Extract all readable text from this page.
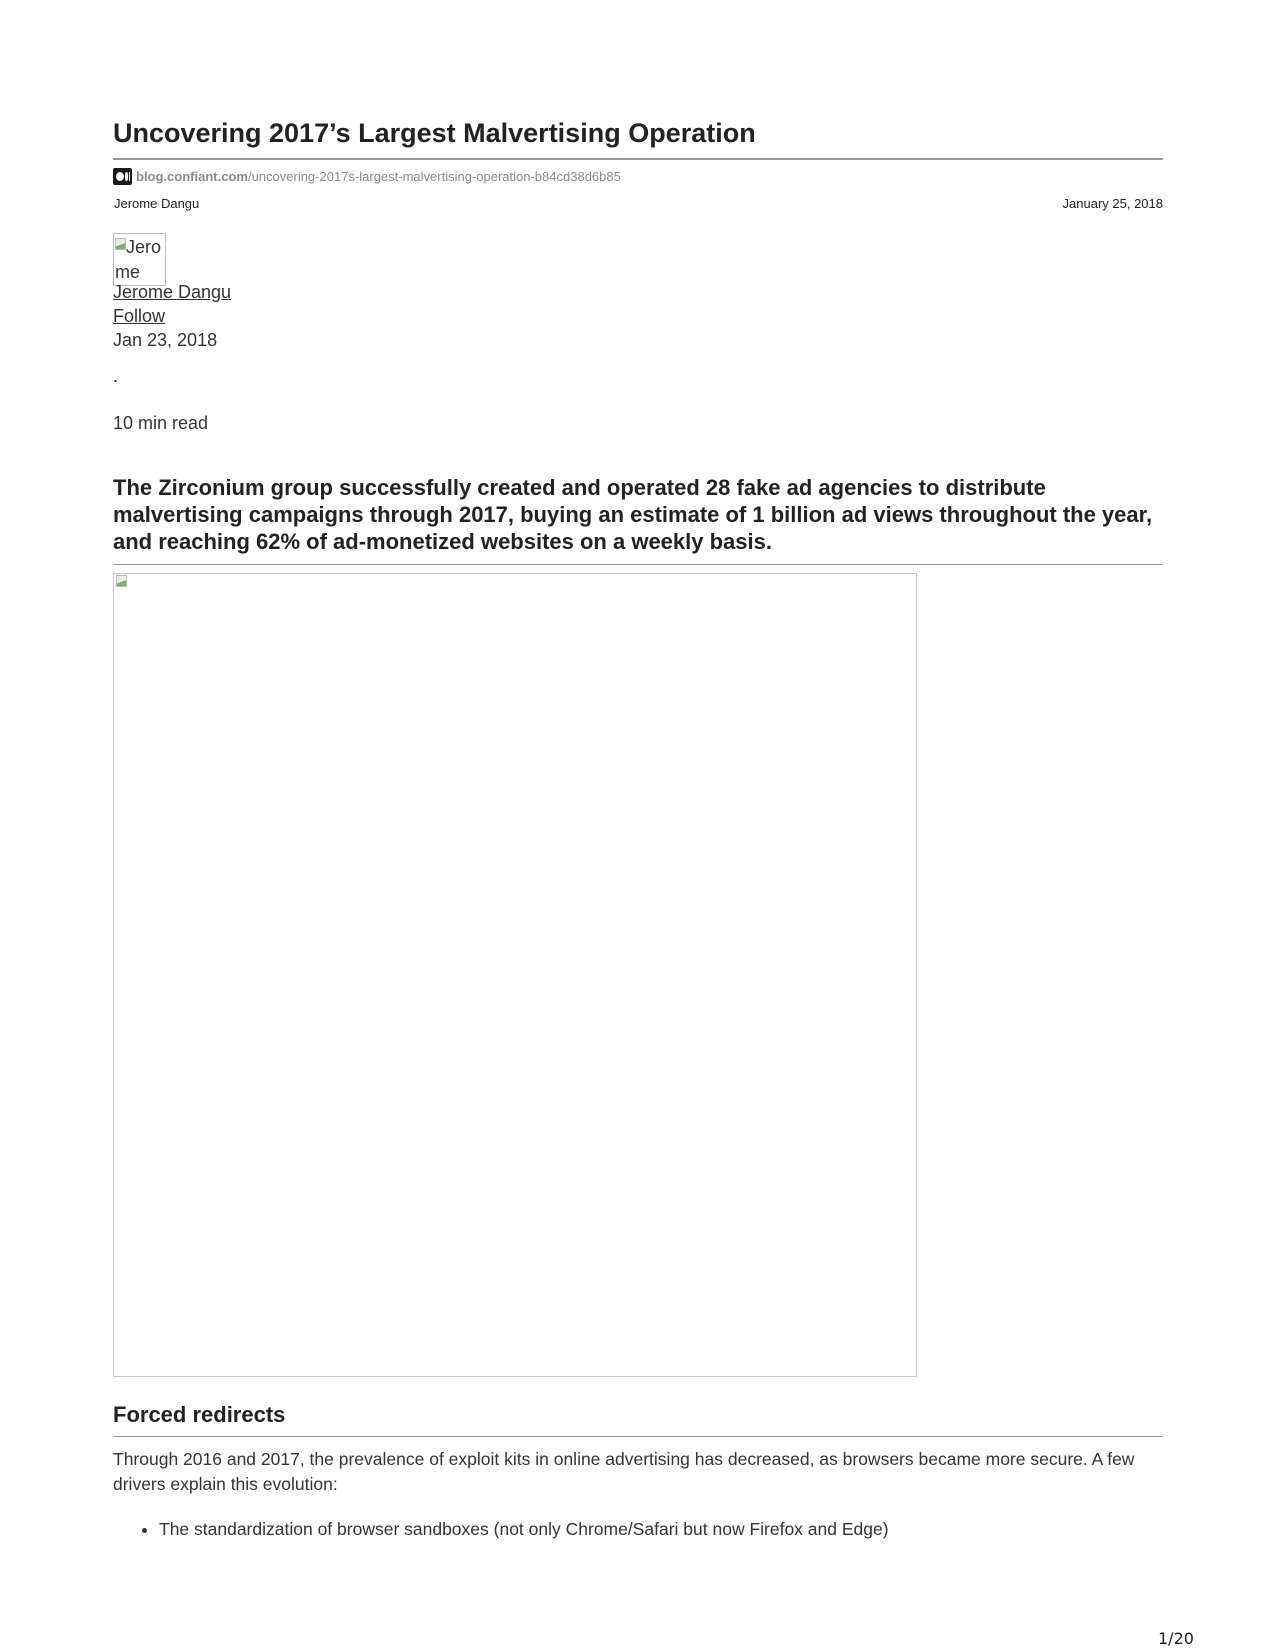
Uncovering 2017’s Largest Malvertising Operation
blog.confiant.com /uncovering-2017s-largest-malvertising-operation-b84cd38d6b85
Jerome Dangu	January 25, 2018
Jerome
Jerome Dangu
Follow
Jan 23, 2018
.
10 min read

The Zirconium group successfully created and operated 28 fake ad agencies to distribute malvertising campaigns through 2017, buying an estimate of 1 billion ad views throughout the year, and reaching 62% of ad-monetized websites on a weekly basis.

Forced redirects

Through 2016 and 2017, the prevalence of exploit kits in online advertising has decreased, as browsers became more secure. A few drivers explain this evolution:

• The standardization of browser sandboxes (not only Chrome/Safari but now Firefox and Edge)
1/20
